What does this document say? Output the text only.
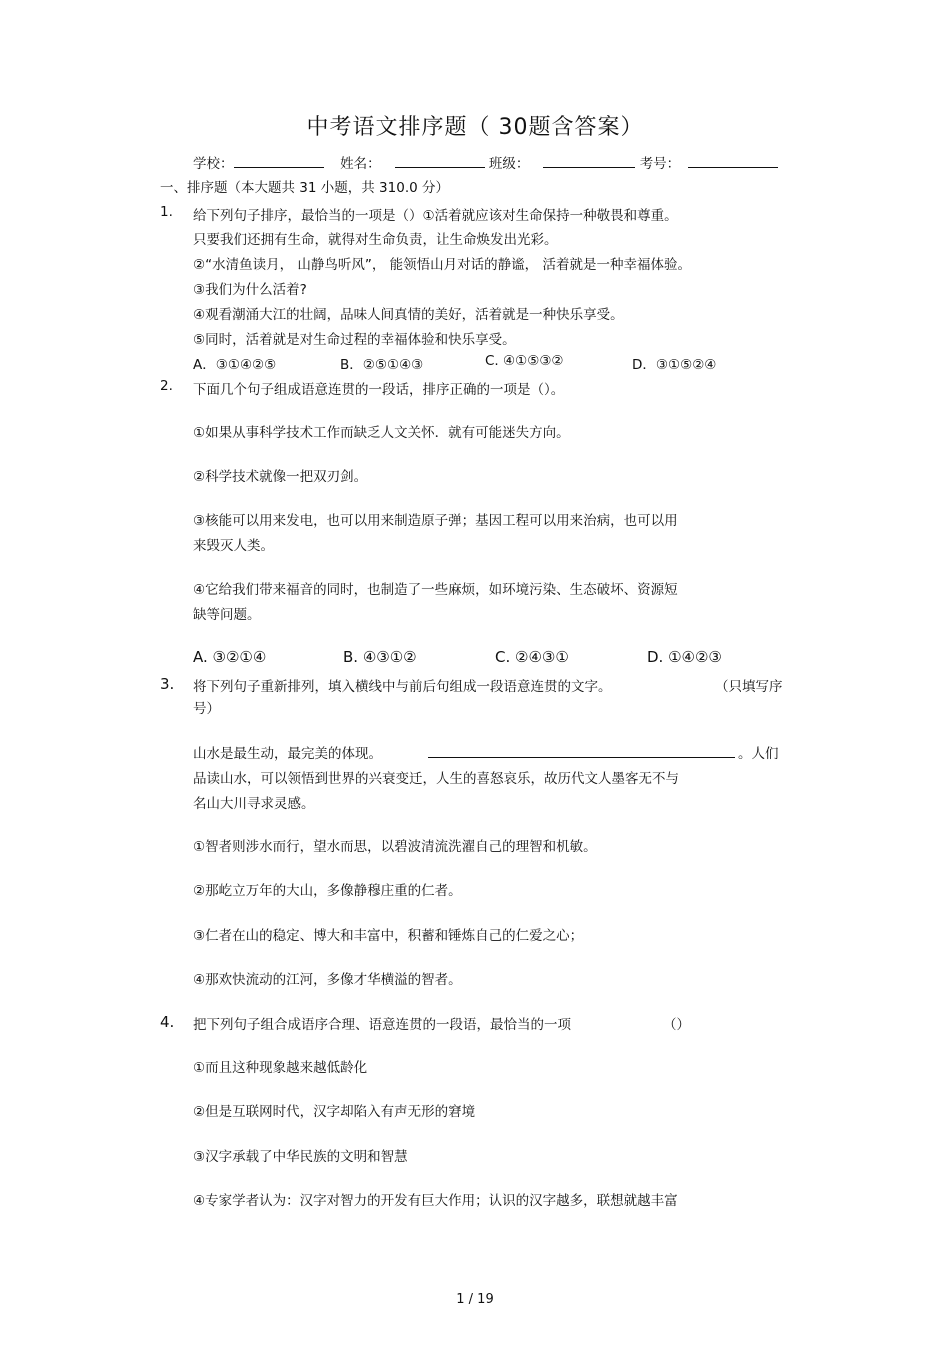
中考语文排序题（ 30题含答案）
学校：	姓名：	班级：	考号：
一、排序题（本大题共 31 小题，共 310.0 分）
1. 给下列句子排序，最恰当的一项是（）①活着就应该对生命保持一种敬畏和尊重。
只要我们还拥有生命，就得对生命负责，让生命焕发出光彩。
②“水清鱼读月， 山静鸟听风”， 能领悟山月对话的静谧， 活着就是一种幸福体验。
③我们为什么活着?
④观看潮涌大江的壮阔，品味人间真情的美好，活着就是一种快乐享受。
⑤同时，活着就是对生命过程的幸福体验和快乐享受。
A．③①④②⑤	B．②⑤①④③	C. ④①⑤③②	D．③①⑤②④
2. 下面几个句子组成语意连贯的一段话，排序正确的一项是（）。
①如果从事科学技术工作而缺乏人文关怀．就有可能迷失方向。
②科学技术就像一把双刃剑。
③核能可以用来发电，也可以用来制造原子弹；基因工程可以用来治病，也可以用
来毁灭人类。
④它给我们带来福音的同时，也制造了一些麻烦，如环境污染、生态破坏、资源短
缺等问题。
A. ③②①④	B. ④③①②	C. ②④③①	D. ①④②③
3. 将下列句子重新排列，填入横线中与前后句组成一段语意连贯的文字。	（只填写序
号）
山水是最生动，最完美的体现。	。人们
品读山水，可以领悟到世界的兴衰变迁，人生的喜怒哀乐，故历代文人墨客无不与
名山大川寻求灵感。
①智者则涉水而行，望水而思，以碧波清流洗濯自己的理智和机敏。
②那屹立万年的大山，多像静穆庄重的仁者。
③仁者在山的稳定、博大和丰富中，积蓄和锤炼自己的仁爱之心；
④那欢快流动的江河，多像才华横溢的智者。
4. 把下列句子组合成语序合理、语意连贯的一段语，最恰当的一项	（）
①而且这种现象越来越低龄化
②但是互联网时代，汉字却陷入有声无形的窘境
③汉字承载了中华民族的文明和智慧
④专家学者认为：汉字对智力的开发有巨大作用；认识的汉字越多，联想就越丰富
1 / 19
